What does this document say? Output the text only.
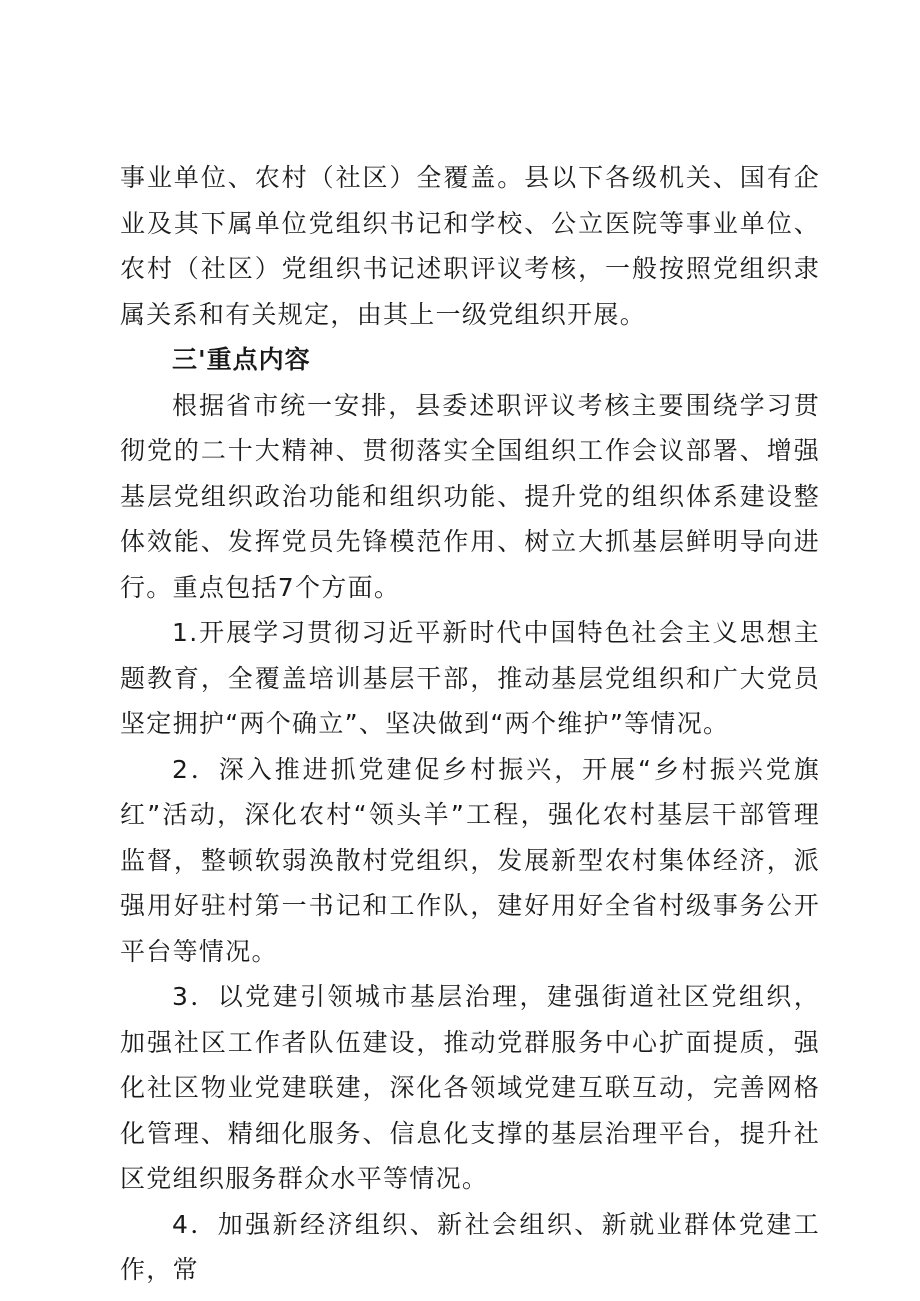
事业单位、农村（社区）全覆盖。县以下各级机关、国有企业及其下属单位党组织书记和学校、公立医院等事业单位、农村（社区）党组织书记述职评议考核，一般按照党组织隶属关系和有关规定，由其上一级党组织开展。

三'重点内容

根据省市统一安排，县委述职评议考核主要围绕学习贯彻党的二十大精神、贯彻落实全国组织工作会议部署、增强基层党组织政治功能和组织功能、提升党的组织体系建设整体效能、发挥党员先锋模范作用、树立大抓基层鲜明导向进行。重点包括7个方面。

1.开展学习贯彻习近平新时代中国特色社会主义思想主题教育，全覆盖培训基层干部，推动基层党组织和广大党员坚定拥护“两个确立”、坚决做到“两个维护”等情况。

2．深入推进抓党建促乡村振兴，开展“乡村振兴党旗红”活动，深化农村“领头羊”工程，强化农村基层干部管理监督，整顿软弱涣散村党组织，发展新型农村集体经济，派强用好驻村第一书记和工作队，建好用好全省村级事务公开平台等情况。

3．以党建引领城市基层治理，建强街道社区党组织，加强社区工作者队伍建设，推动党群服务中心扩面提质，强化社区物业党建联建，深化各领域党建互联互动，完善网格化管理、精细化服务、信息化支撑的基层治理平台，提升社区党组织服务群众水平等情况。

4．加强新经济组织、新社会组织、新就业群体党建工作，常
